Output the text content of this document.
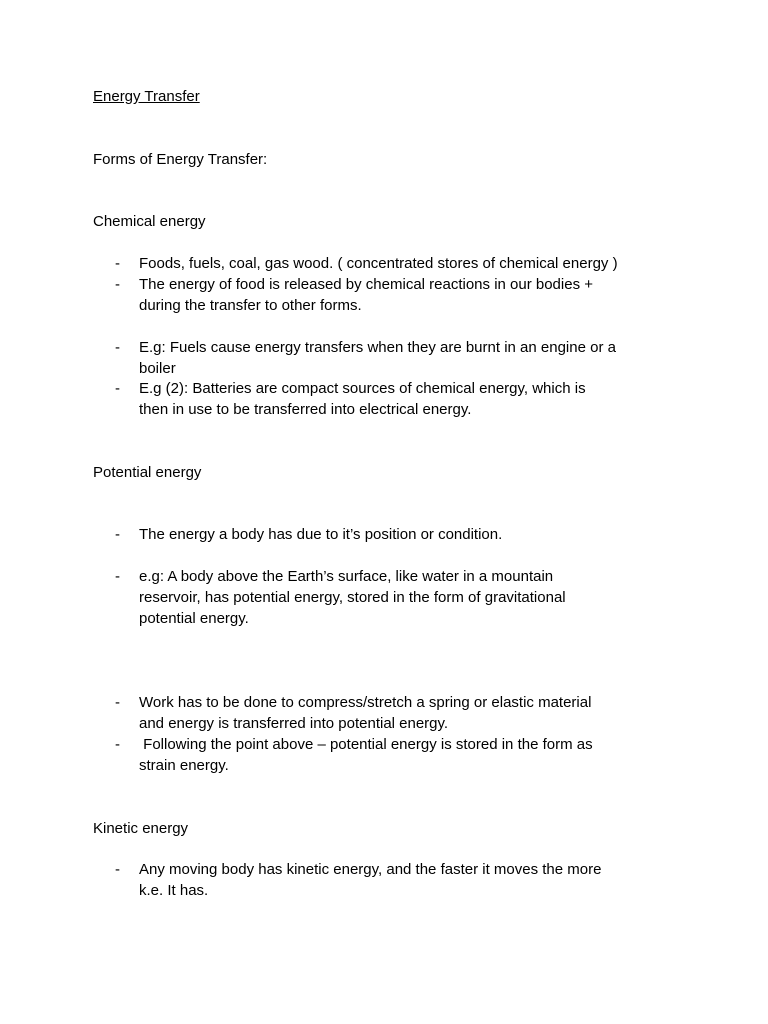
Energy Transfer
Forms of Energy Transfer:
Chemical energy
- Foods, fuels, coal, gas wood. ( concentrated stores of chemical energy )
- The energy of food is released by chemical reactions in our bodies +
during the transfer to other forms.
- E.g: Fuels cause energy transfers when they are burnt in an engine or a
boiler
- E.g (2): Batteries are compact sources of chemical energy, which is
then in use to be transferred into electrical energy.
Potential energy
- The energy a body has due to it’s position or condition.
- e.g: A body above the Earth’s surface, like water in a mountain
reservoir, has potential energy, stored in the form of gravitational
potential energy.
- Work has to be done to compress/stretch a spring or elastic material
and energy is transferred into potential energy.
- Following the point above – potential energy is stored in the form as
strain energy.
Kinetic energy
- Any moving body has kinetic energy, and the faster it moves the more
k.e. It has.
